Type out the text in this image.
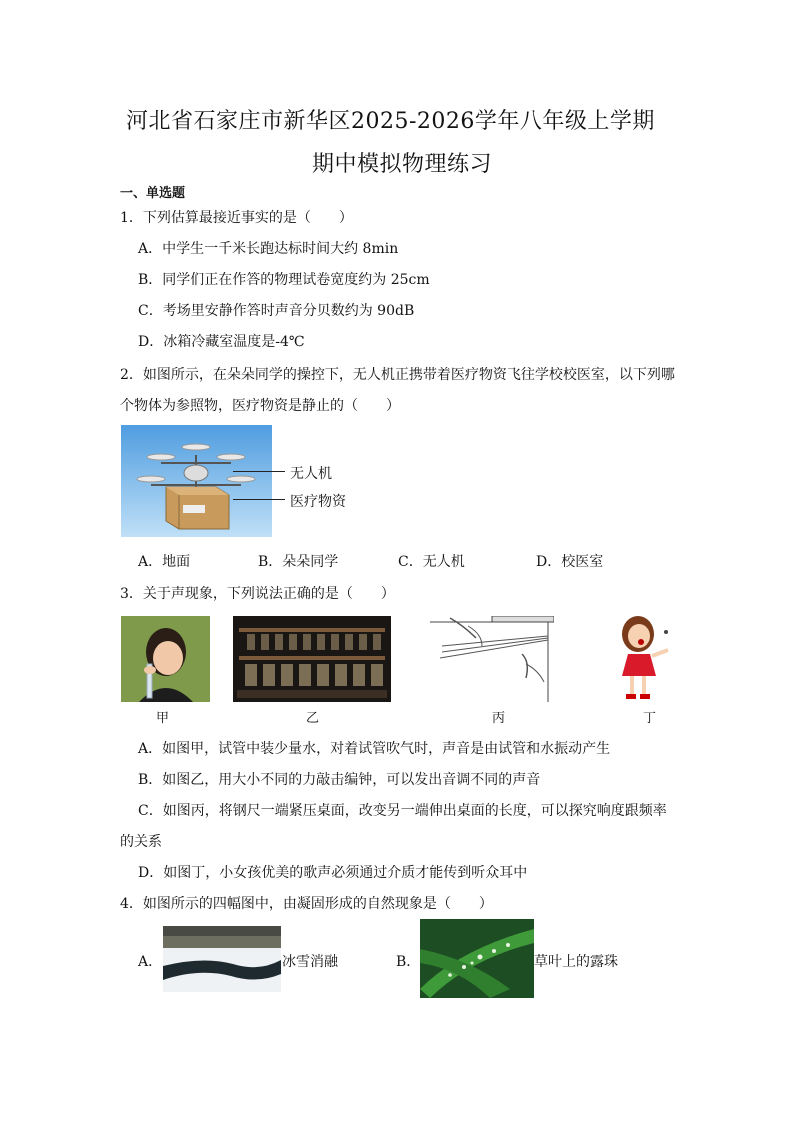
河北省石家庄市新华区2025-2026学年八年级上学期
期中模拟物理练习
一、单选题
1．下列估算最接近事实的是（　　）
A．中学生一千米长跑达标时间大约 8min
B．同学们正在作答的物理试卷宽度约为 25cm
C．考场里安静作答时声音分贝数约为 90dB
D．冰箱冷藏室温度是-4℃
2．如图所示，在朵朵同学的操控下，无人机正携带着医疗物资飞往学校校医室，以下列哪
个物体为参照物，医疗物资是静止的（　　）
无人机
医疗物资
A．地面	B．朵朵同学	C．无人机	D．校医室
3．关于声现象，下列说法正确的是（　　）
甲	乙	丙	丁
A．如图甲，试管中装少量水，对着试管吹气时，声音是由试管和水振动产生
B．如图乙，用大小不同的力敲击编钟，可以发出音调不同的声音
C．如图丙，将钢尺一端紧压桌面，改变另一端伸出桌面的长度，可以探究响度跟频率
的关系
D．如图丁，小女孩优美的歌声必须通过介质才能传到听众耳中
4．如图所示的四幅图中，由凝固形成的自然现象是（　　）
A．	冰雪消融	B．	草叶上的露珠
